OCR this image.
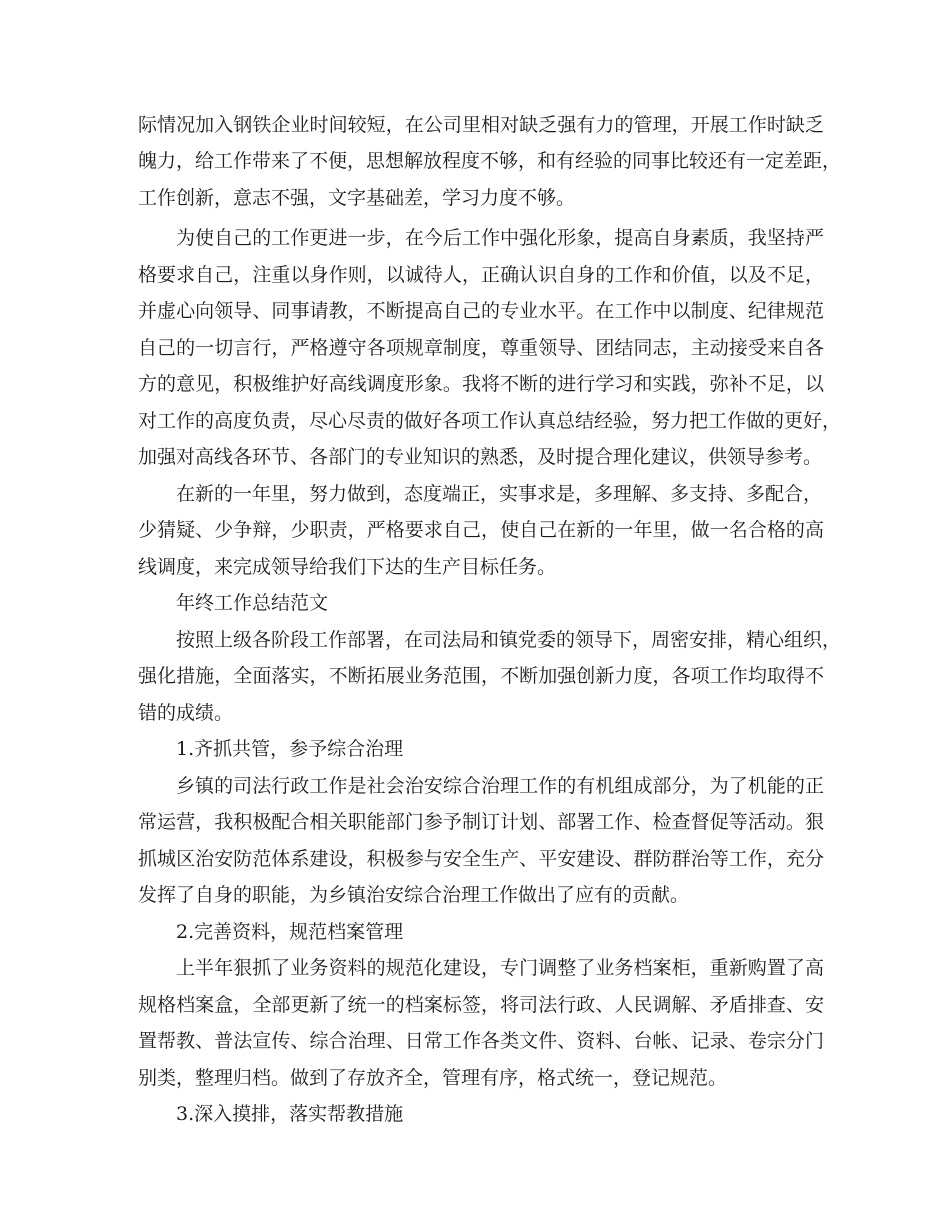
际情况加入钢铁企业时间较短，在公司里相对缺乏强有力的管理，开展工作时缺乏
魄力，给工作带来了不便，思想解放程度不够，和有经验的同事比较还有一定差距，
工作创新，意志不强，文字基础差，学习力度不够。
为使自己的工作更进一步，在今后工作中强化形象，提高自身素质，我坚持严
格要求自己，注重以身作则，以诚待人，正确认识自身的工作和价值，以及不足，
并虚心向领导、同事请教，不断提高自己的专业水平。在工作中以制度、纪律规范
自己的一切言行，严格遵守各项规章制度，尊重领导、团结同志，主动接受来自各
方的意见，积极维护好高线调度形象。我将不断的进行学习和实践，弥补不足，以
对工作的高度负责，尽心尽责的做好各项工作认真总结经验，努力把工作做的更好，
加强对高线各环节、各部门的专业知识的熟悉，及时提合理化建议，供领导参考。
在新的一年里，努力做到，态度端正，实事求是，多理解、多支持、多配合，
少猜疑、少争辩，少职责，严格要求自己，使自己在新的一年里，做一名合格的高
线调度，来完成领导给我们下达的生产目标任务。
年终工作总结范文
按照上级各阶段工作部署，在司法局和镇党委的领导下，周密安排，精心组织，
强化措施，全面落实，不断拓展业务范围，不断加强创新力度，各项工作均取得不
错的成绩。
1.齐抓共管，参予综合治理
乡镇的司法行政工作是社会治安综合治理工作的有机组成部分，为了机能的正
常运营，我积极配合相关职能部门参予制订计划、部署工作、检查督促等活动。狠
抓城区治安防范体系建设，积极参与安全生产、平安建设、群防群治等工作，充分
发挥了自身的职能，为乡镇治安综合治理工作做出了应有的贡献。
2.完善资料，规范档案管理
上半年狠抓了业务资料的规范化建设，专门调整了业务档案柜，重新购置了高
规格档案盒，全部更新了统一的档案标签，将司法行政、人民调解、矛盾排查、安
置帮教、普法宣传、综合治理、日常工作各类文件、资料、台帐、记录、卷宗分门
别类，整理归档。做到了存放齐全，管理有序，格式统一，登记规范。
3.深入摸排，落实帮教措施
